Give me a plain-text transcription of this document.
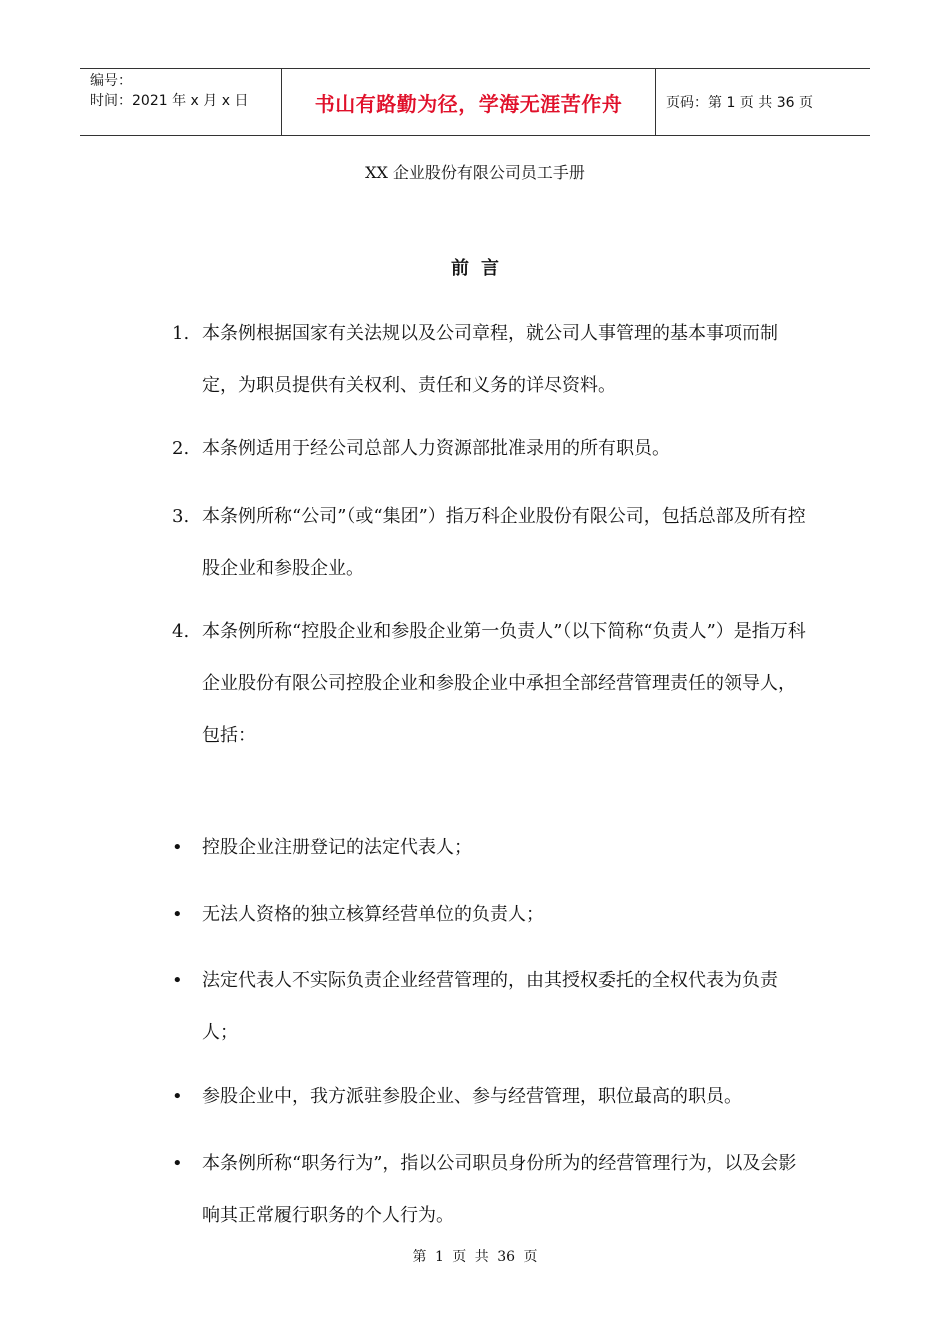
编号：
时间：2021 年 x 月 x 日	书山有路勤为径，学海无涯苦作舟	页码：第 1 页 共 36 页
XX 企业股份有限公司员工手册
前言
1. 本条例根据国家有关法规以及公司章程，就公司人事管理的基本事项而制定，为职员提供有关权利、责任和义务的详尽资料。
2. 本条例适用于经公司总部人力资源部批准录用的所有职员。
3. 本条例所称“公司”（或“集团”）指万科企业股份有限公司，包括总部及所有控股企业和参股企业。
4. 本条例所称“控股企业和参股企业第一负责人”（以下简称“负责人”）是指万科企业股份有限公司控股企业和参股企业中承担全部经营管理责任的领导人，包括：
• 控股企业注册登记的法定代表人；
• 无法人资格的独立核算经营单位的负责人；
• 法定代表人不实际负责企业经营管理的，由其授权委托的全权代表为负责人；
• 参股企业中，我方派驻参股企业、参与经营管理，职位最高的职员。
• 本条例所称“职务行为”，指以公司职员身份所为的经营管理行为，以及会影响其正常履行职务的个人行为。
第 1 页 共 36 页
